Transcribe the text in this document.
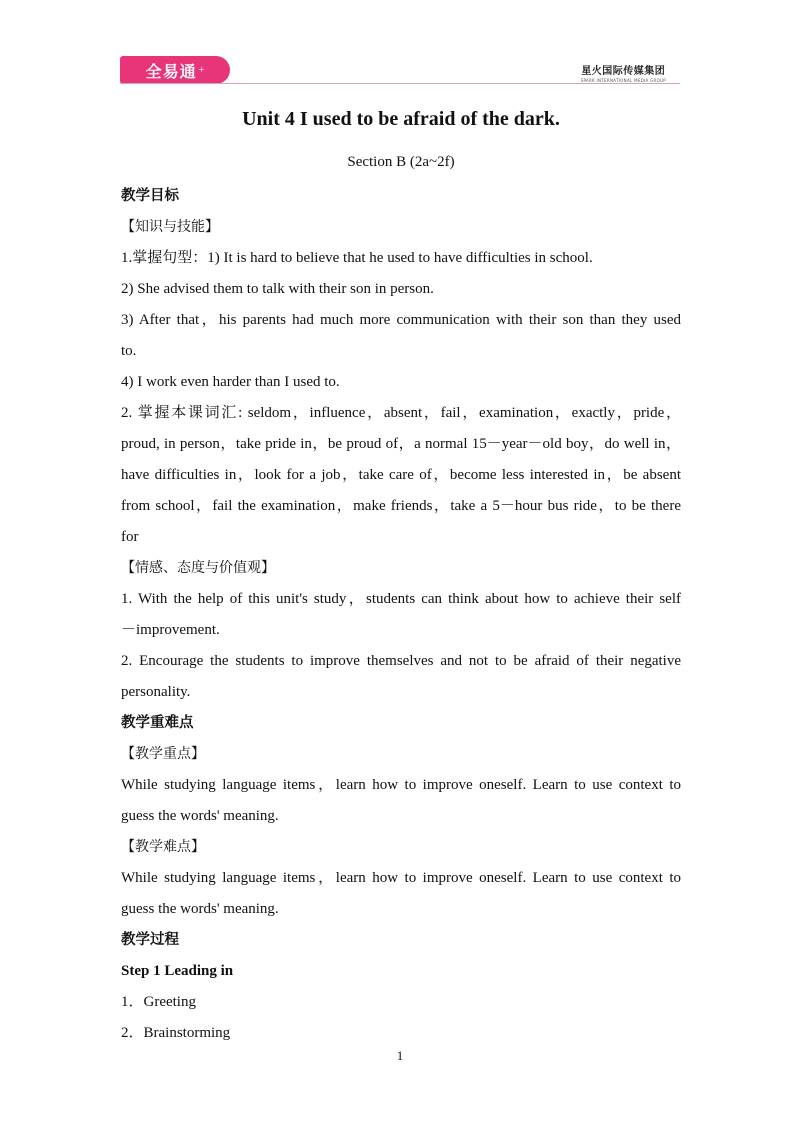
全易通 +	星火国际传媒集团
SPARK INTERNATIONAL MEDIA GROUP
Unit 4 I used to be afraid of the dark.
Section B (2a~2f)
教学目标
【知识与技能】
1.掌握句型：1) It is hard to believe that he used to have difficulties in school.
2) She advised them to talk with their son in person.
3) After that，his parents had much more communication with their son than they used
to.
4) I work even harder than I used to.
2. 掌握本课词汇: seldom，influence，absent，fail，examination，exactly，pride，
proud, in person，take pride in，be proud of，a normal 15－year－old boy，do well in，
have difficulties in，look for a job，take care of，become less interested in，be absent
from school，fail the examination，make friends，take a 5－hour bus ride，to be there
for
【情感、态度与价值观】
1. With the help of this unit's study，students can think about how to achieve their self
－improvement.
2. Encourage the students to improve themselves and not to be afraid of their negative
personality.
教学重难点
【教学重点】
While studying language items，learn how to improve oneself. Learn to use context to
guess the words' meaning.
【教学难点】
While studying language items，learn how to improve oneself. Learn to use context to
guess the words' meaning.
教学过程
Step 1 Leading in
1．Greeting
2．Brainstorming
1
